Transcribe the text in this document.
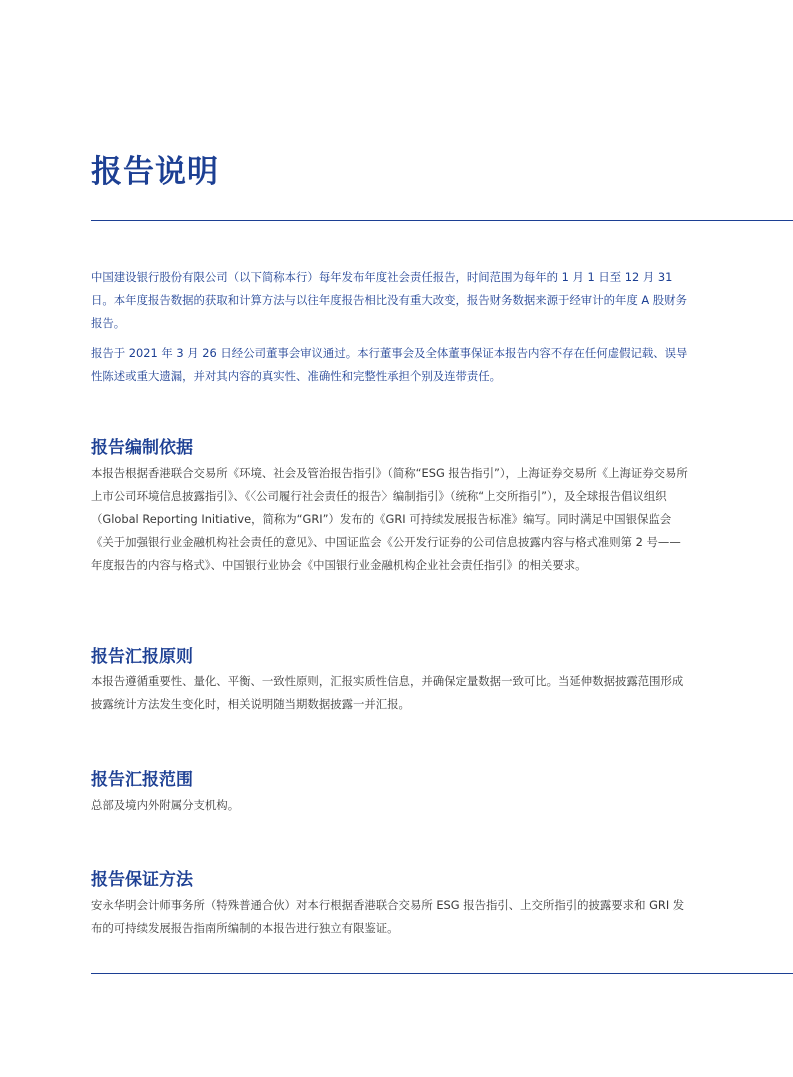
报告说明

中国建设银行股份有限公司（以下简称本行）每年发布年度社会责任报告，时间范围为每年的 1 月 1 日至 12 月 31 日。本年度报告数据的获取和计算方法与以往年度报告相比没有重大改变，报告财务数据来源于经审计的年度 A 股财务报告。

报告于 2021 年 3 月 26 日经公司董事会审议通过。本行董事会及全体董事保证本报告内容不存在任何虚假记载、误导性陈述或重大遗漏，并对其内容的真实性、准确性和完整性承担个别及连带责任。

报告编制依据

本报告根据香港联合交易所《环境、社会及管治报告指引》（简称“ESG 报告指引”），上海证券交易所《上海证券交易所上市公司环境信息披露指引》、《〈公司履行社会责任的报告〉编制指引》（统称“上交所指引”），及全球报告倡议组织（Global Reporting Initiative，简称为“GRI”）发布的《GRI 可持续发展报告标准》编写。同时满足中国银保监会《关于加强银行业金融机构社会责任的意见》、中国证监会《公开发行证券的公司信息披露内容与格式准则第 2 号——年度报告的内容与格式》、中国银行业协会《中国银行业金融机构企业社会责任指引》的相关要求。

报告汇报原则

本报告遵循重要性、量化、平衡、一致性原则，汇报实质性信息，并确保定量数据一致可比。当延伸数据披露范围形成披露统计方法发生变化时，相关说明随当期数据披露一并汇报。

报告汇报范围

总部及境内外附属分支机构。

报告保证方法

安永华明会计师事务所（特殊普通合伙）对本行根据香港联合交易所 ESG 报告指引、上交所指引的披露要求和 GRI 发布的可持续发展报告指南所编制的本报告进行独立有限鉴证。
